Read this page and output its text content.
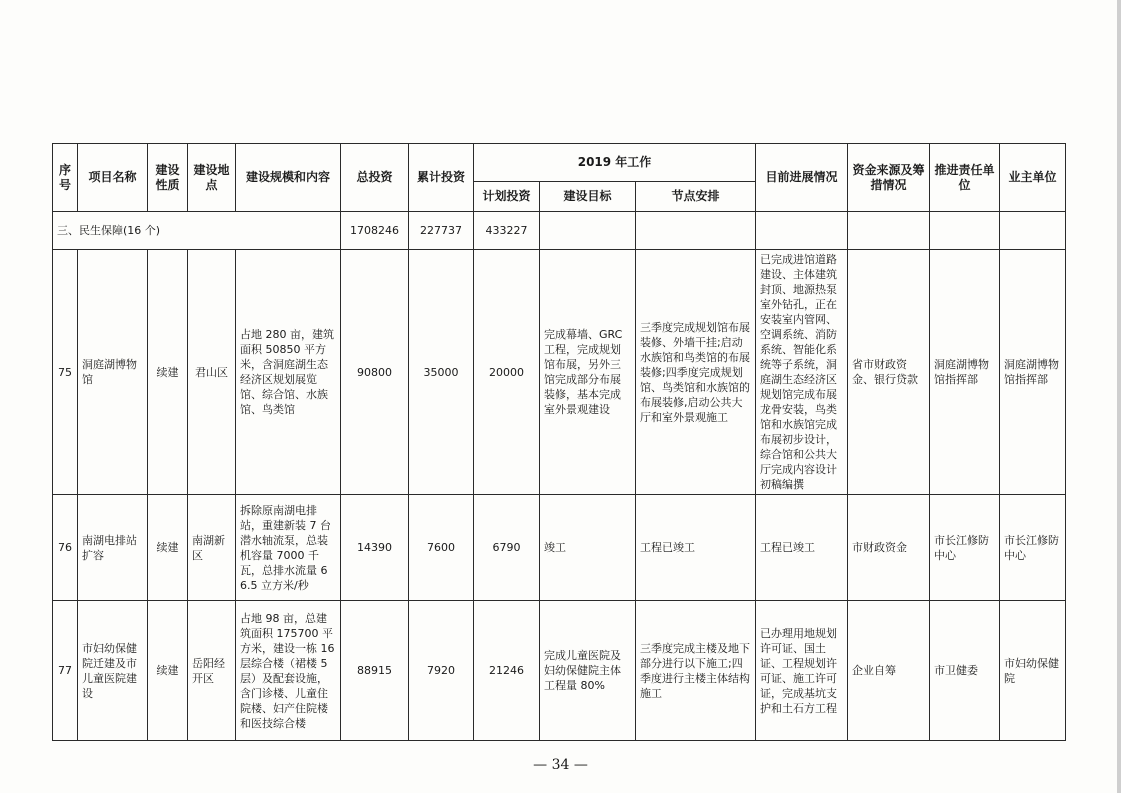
序号	项目名称	建设性质	建设地点	建设规模和内容	总投资	累计投资	2019 年工作			目前进展情况	资金来源及筹措情况	推进责任单　位	业主单位
							计划投资	建设目标	节点安排				
三、民生保障(16 个)					1708246	227737	433227						
75	洞庭湖博物馆	续建	君山区	占地 280 亩，建筑面积 50850 平方米，含洞庭湖生态经济区规划展览馆、综合馆、水族馆、鸟类馆	90800	35000	20000	完成幕墙、GRC 工程，完成规划馆布展，另外三馆完成部分布展装修，基本完成室外景观建设	三季度完成规划馆布展装修、外墙干挂;启动水族馆和鸟类馆的布展装修;四季度完成规划馆、鸟类馆和水族馆的布展装修,启动公共大厅和室外景观施工	已完成进馆道路建设、主体建筑封顶、地源热泵室外钻孔，正在安装室内管网、空调系统、消防系统、智能化系统等子系统，洞庭湖生态经济区规划馆完成布展龙骨安装，鸟类馆和水族馆完成布展初步设计，综合馆和公共大厅完成内容设计初稿编撰	省市财政资金、银行贷款	洞庭湖博物馆指挥部	洞庭湖博物馆指挥部
76	南湖电排站扩容	续建	南湖新区	拆除原南湖电排站，重建新装 7 台潜水轴流泵，总装机容量 7000 千瓦，总排水流量 66.5 立方米/秒	14390	7600	6790	竣工	工程已竣工	工程已竣工	市财政资金	市长江修防中心	市长江修防中心
77	市妇幼保健院迁建及市儿童医院建设	续建	岳阳经开区	占地 98 亩，总建筑面积 175700 平方米，建设一栋 16 层综合楼（裙楼 5 层）及配套设施，含门诊楼、儿童住院楼、妇产住院楼和医技综合楼	88915	7920	21246	完成儿童医院及妇幼保健院主体工程量 80%	三季度完成主楼及地下部分进行以下施工;四季度进行主楼主体结构施工	已办理用地规划许可证、国土证、工程规划许可证、施工许可证，完成基坑支护和土石方工程	企业自筹	市卫健委	市妇幼保健院
— 34 —
